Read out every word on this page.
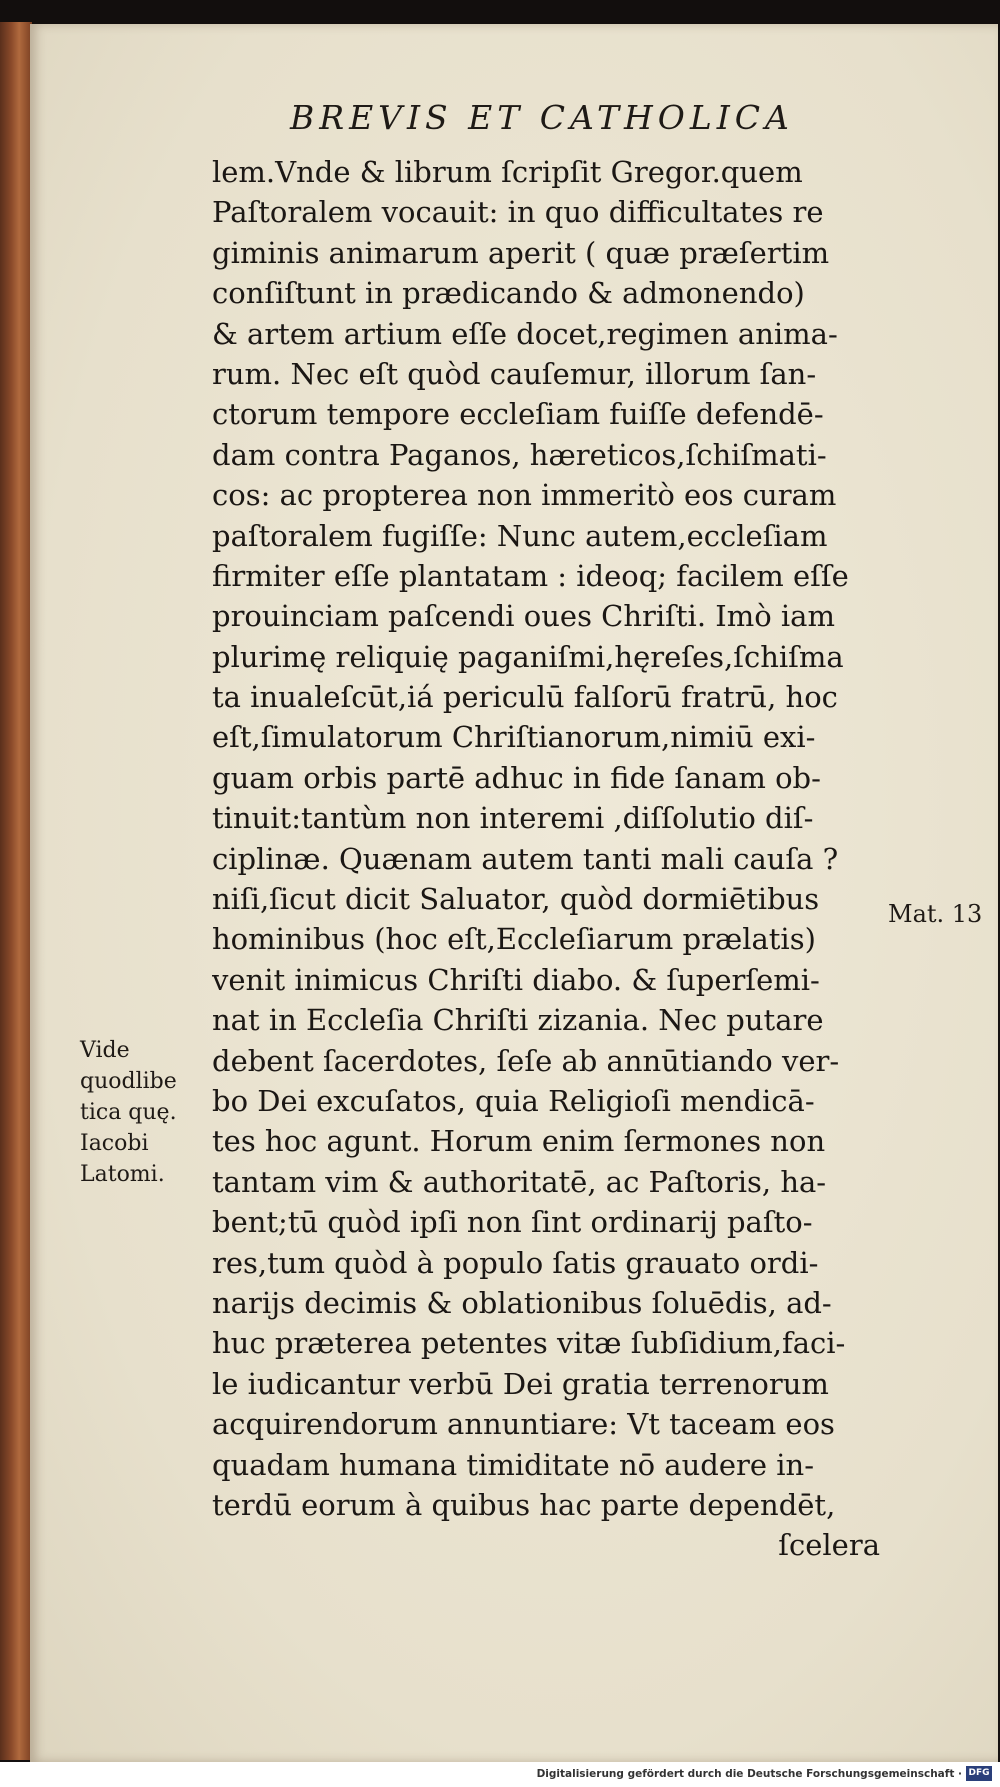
BREVIS ET CATHOLICA
lem.Vnde & librum ſcripſit Gregor.quem
Paſtoralem vocauit: in quo difficultates re
giminis animarum aperit ( quæ præſertim
conſiſtunt in prædicando & admonendo)
& artem artium eſſe docet,regimen anima-
rum. Nec eſt quòd cauſemur, illorum ſan-
ctorum tempore eccleſiam fuiſſe defendē-
dam contra Paganos, hæreticos,ſchiſmati-
cos: ac propterea non immeritò eos curam
paſtoralem fugiſſe: Nunc autem,eccleſiam
firmiter eſſe plantatam : ideoq; facilem eſſe
prouinciam paſcendi oues Chriſti. Imò iam
plurimę reliquię paganiſmi,hęreſes,ſchiſma
ta inualeſcūt,iá periculū falſorū fratrū, hoc
eſt,ſimulatorum Chriſtianorum,nimiū exi-
guam orbis partē adhuc in fide ſanam ob-
tinuit:tantùm non interemi ,diſſolutio diſ-
ciplinæ. Quænam autem tanti mali cauſa ?
niſi,ſicut dicit Saluator, quòd dormiētibus
hominibus (hoc eſt,Eccleſiarum prælatis)
venit inimicus Chriſti diabo. & ſuperſemi-
nat in Eccleſia Chriſti zizania. Nec putare
debent ſacerdotes, ſeſe ab annūtiando ver-
bo Dei excuſatos, quia Religioſi mendicā-
tes hoc agunt. Horum enim ſermones non
tantam vim & authoritatē, ac Paſtoris, ha-
bent;tū quòd ipſi non ſint ordinarij paſto-
res,tum quòd à populo ſatis grauato ordi-
narijs decimis & oblationibus ſoluēdis, ad-
huc præterea petentes vitæ ſubſidium,faci-
le iudicantur verbū Dei gratia terrenorum
acquirendorum annuntiare: Vt taceam eos
quadam humana timiditate nō audere in-
terdū eorum à quibus hac parte dependēt,
ſcelera
Vide
quodlibe
tica quę.
Iacobi
Latomi.
Mat. 13
Digitalisierung gefördert durch die Deutsche Forschungsgemeinschaft · DFG
